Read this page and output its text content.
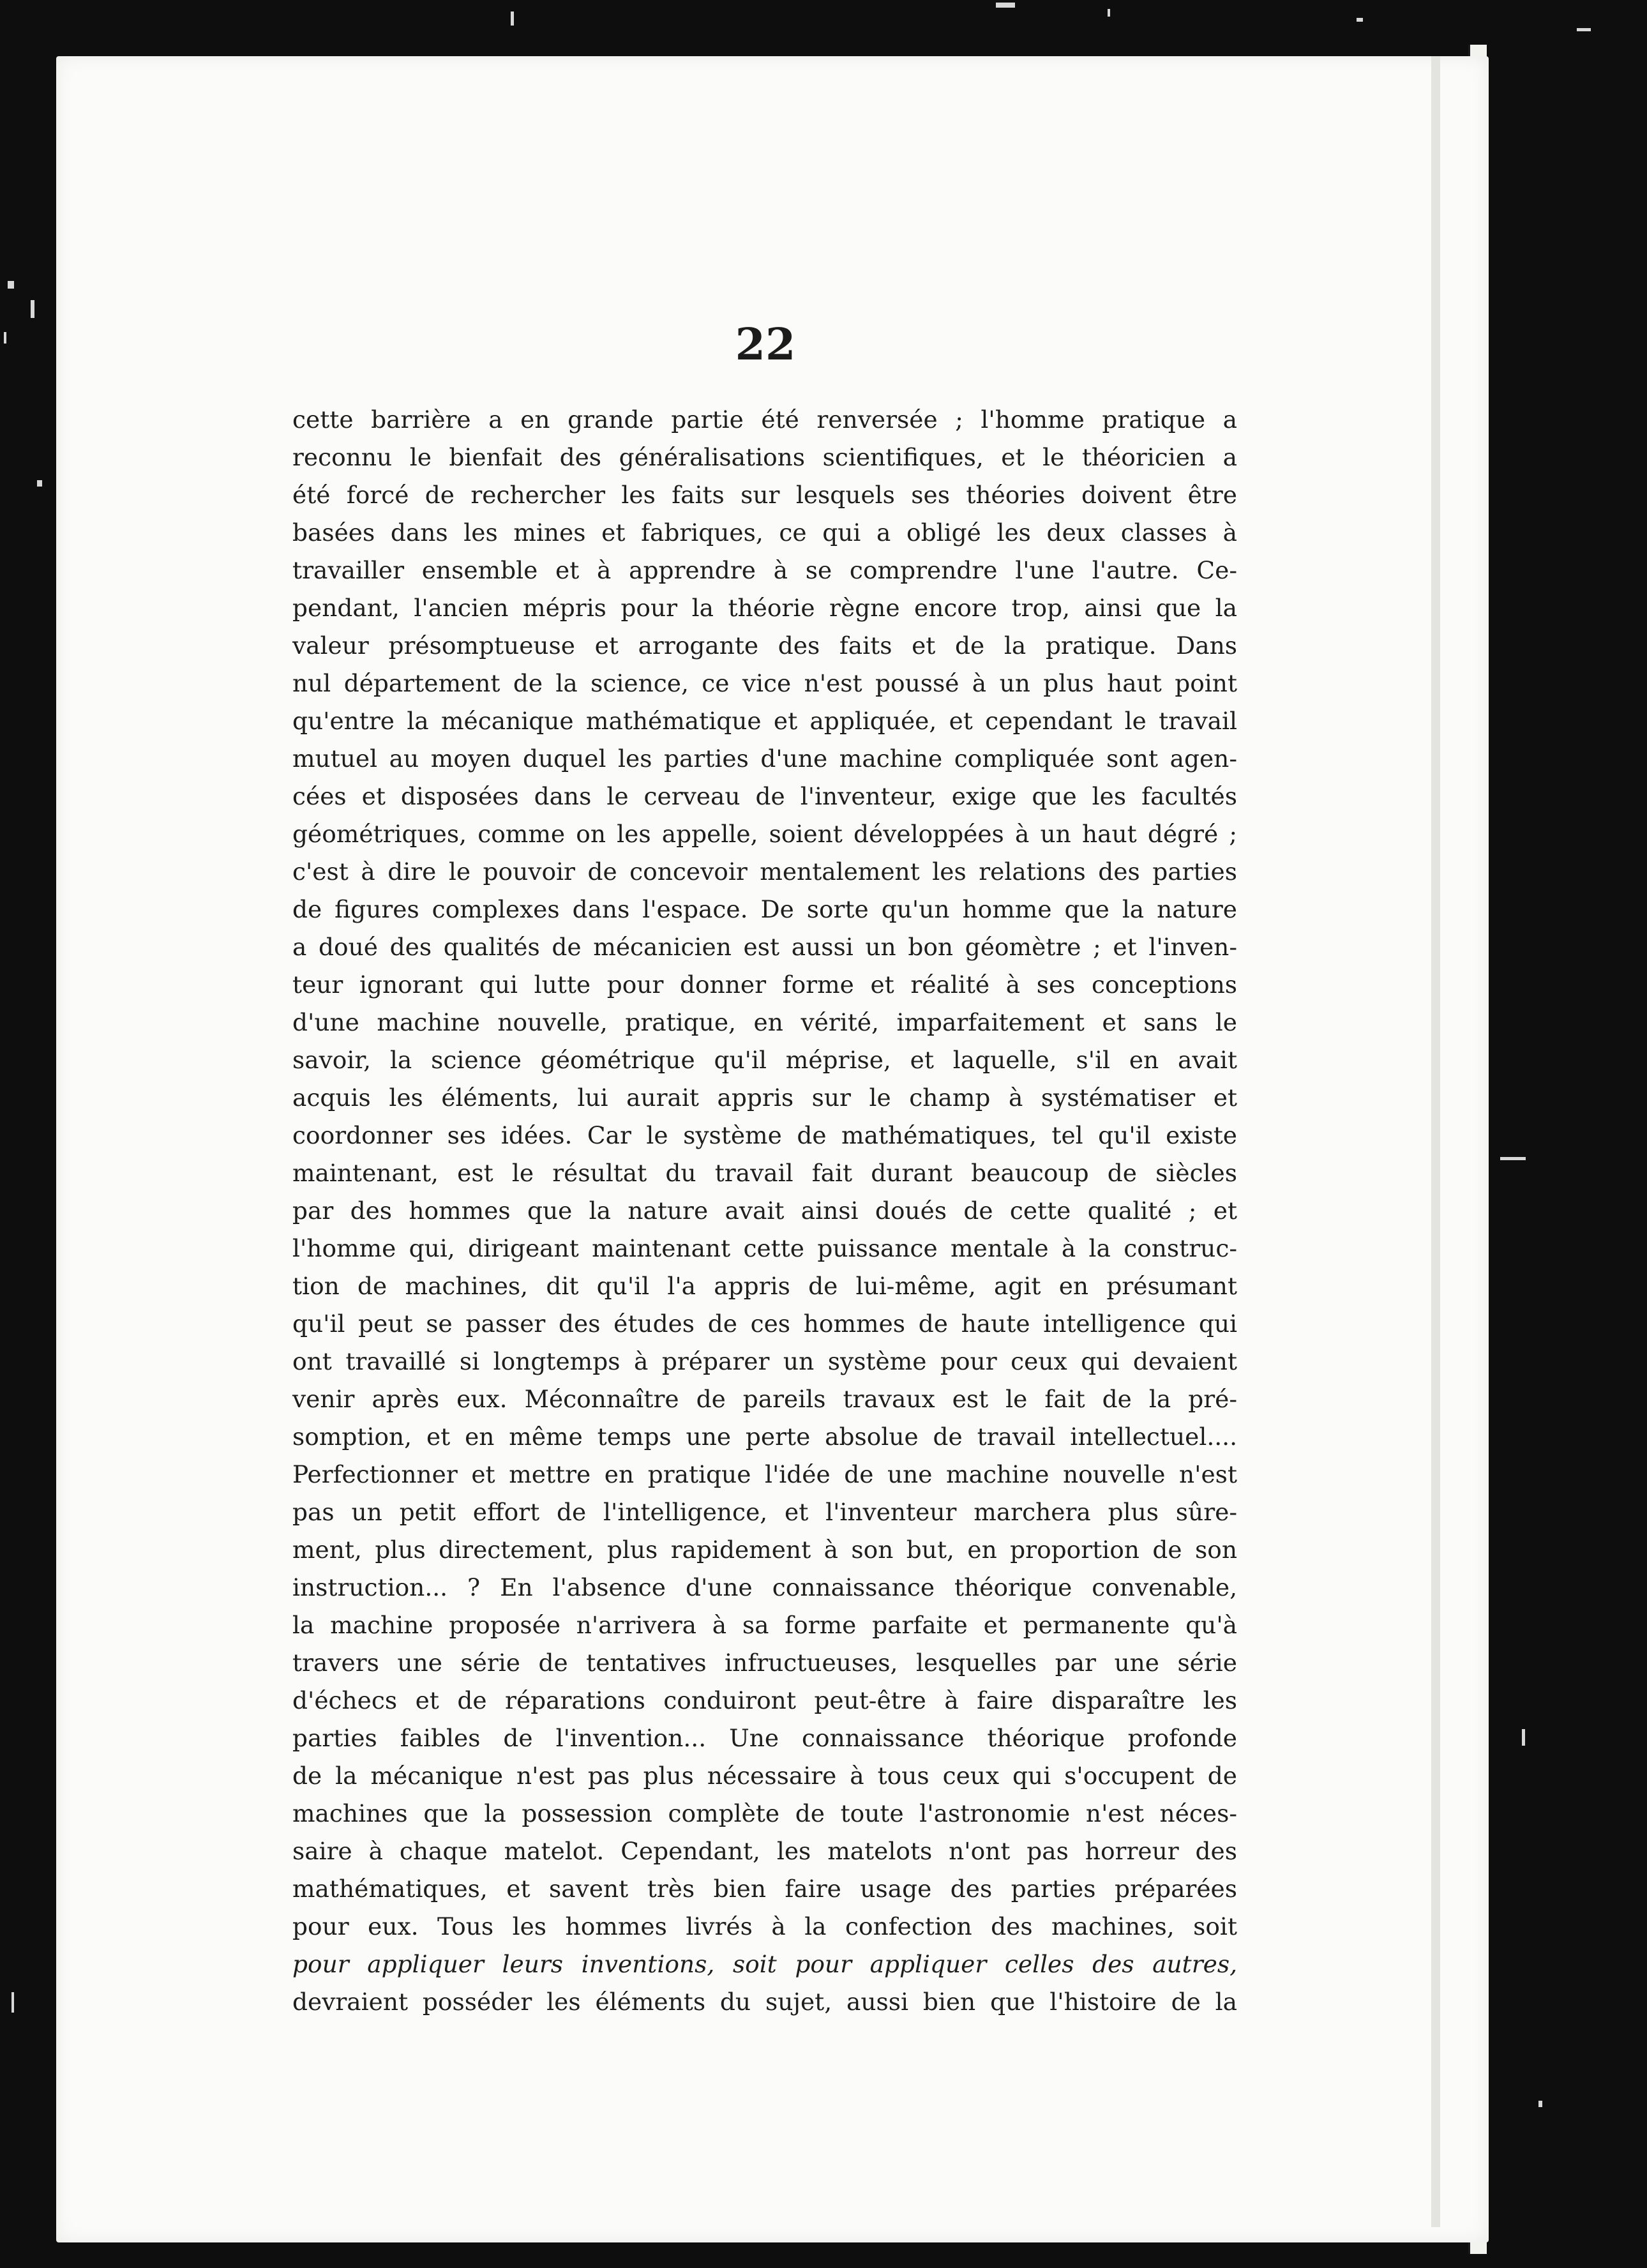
22
cette barrière a en grande partie été renversée ; l'homme pratique a
reconnu le bienfait des généralisations scientifiques, et le théoricien a
été forcé de rechercher les faits sur lesquels ses théories doivent être
basées dans les mines et fabriques, ce qui a obligé les deux classes à
travailler ensemble et à apprendre à se comprendre l'une l'autre. Ce-
pendant, l'ancien mépris pour la théorie règne encore trop, ainsi que la
valeur présomptueuse et arrogante des faits et de la pratique. Dans
nul département de la science, ce vice n'est poussé à un plus haut point
qu'entre la mécanique mathématique et appliquée, et cependant le travail
mutuel au moyen duquel les parties d'une machine compliquée sont agen-
cées et disposées dans le cerveau de l'inventeur, exige que les facultés
géométriques, comme on les appelle, soient développées à un haut dégré ;
c'est à dire le pouvoir de concevoir mentalement les relations des parties
de figures complexes dans l'espace. De sorte qu'un homme que la nature
a doué des qualités de mécanicien est aussi un bon géomètre ; et l'inven-
teur ignorant qui lutte pour donner forme et réalité à ses conceptions
d'une machine nouvelle, pratique, en vérité, imparfaitement et sans le
savoir, la science géométrique qu'il méprise, et laquelle, s'il en avait
acquis les éléments, lui aurait appris sur le champ à systématiser et
coordonner ses idées. Car le système de mathématiques, tel qu'il existe
maintenant, est le résultat du travail fait durant beaucoup de siècles
par des hommes que la nature avait ainsi doués de cette qualité ; et
l'homme qui, dirigeant maintenant cette puissance mentale à la construc-
tion de machines, dit qu'il l'a appris de lui-même, agit en présumant
qu'il peut se passer des études de ces hommes de haute intelligence qui
ont travaillé si longtemps à préparer un système pour ceux qui devaient
venir après eux. Méconnaître de pareils travaux est le fait de la pré-
somption, et en même temps une perte absolue de travail intellectuel....
Perfectionner et mettre en pratique l'idée de une machine nouvelle n'est
pas un petit effort de l'intelligence, et l'inventeur marchera plus sûre-
ment, plus directement, plus rapidement à son but, en proportion de son
instruction... ? En l'absence d'une connaissance théorique convenable,
la machine proposée n'arrivera à sa forme parfaite et permanente qu'à
travers une série de tentatives infructueuses, lesquelles par une série
d'échecs et de réparations conduiront peut-être à faire disparaître les
parties faibles de l'invention... Une connaissance théorique profonde
de la mécanique n'est pas plus nécessaire à tous ceux qui s'occupent de
machines que la possession complète de toute l'astronomie n'est néces-
saire à chaque matelot. Cependant, les matelots n'ont pas horreur des
mathématiques, et savent très bien faire usage des parties préparées
pour eux. Tous les hommes livrés à la confection des machines, soit
pour appliquer leurs inventions, soit pour appliquer celles des autres,
devraient posséder les éléments du sujet, aussi bien que l'histoire de la
